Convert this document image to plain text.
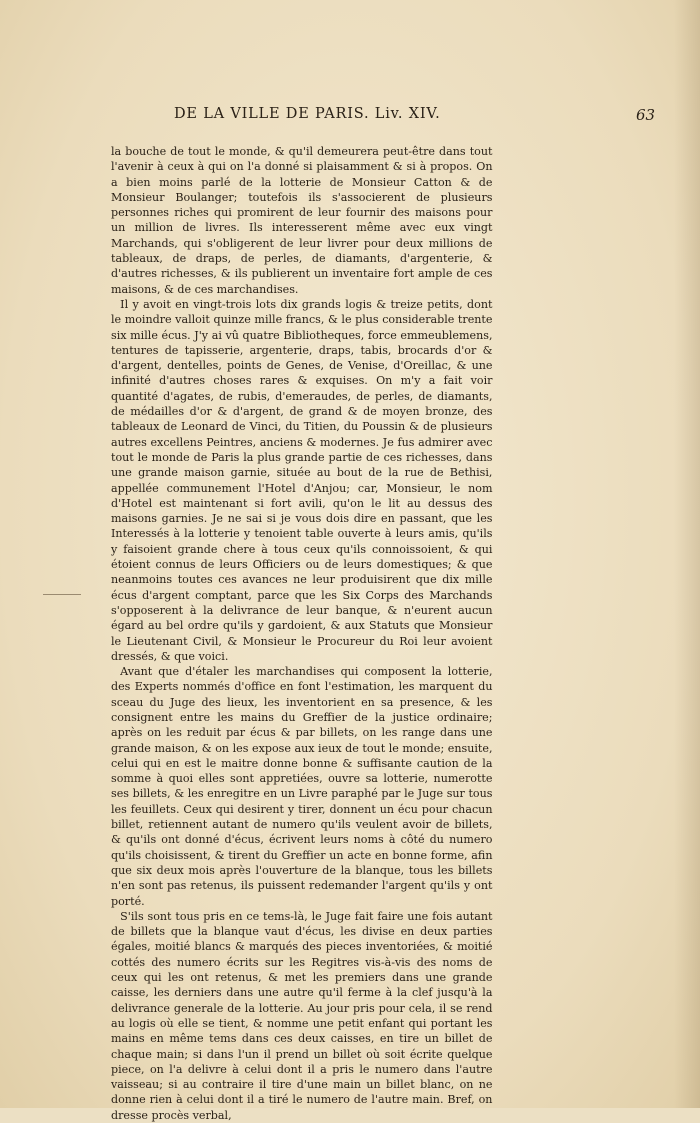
DE LA VILLE DE PARIS. Liv. XIV.	63

la bouche de tout le monde, & qu'il demeurera peut-être dans tout l'avenir à ceux à qui on l'a donné si plaisamment & si à propos. On a bien moins parlé de la lotterie de Monsieur Catton & de Monsieur Boulanger; toutefois ils s'associerent de plusieurs personnes riches qui promirent de leur fournir des maisons pour un million de livres. Ils interesserent même avec eux vingt Marchands, qui s'obligerent de leur livrer pour deux millions de tableaux, de draps, de perles, de diamants, d'argenterie, & d'autres richesses, & ils publierent un inventaire fort ample de ces maisons, & de ces marchandises.

Il y avoit en vingt-trois lots dix grands logis & treize petits, dont le moindre valloit quinze mille francs, & le plus considerable trente six mille écus. J'y ai vû quatre Bibliotheques, force emmeublemens, tentures de tapisserie, argenterie, draps, tabis, brocards d'or & d'argent, dentelles, points de Genes, de Venise, d'Oreillac, & une infinité d'autres choses rares & exquises. On m'y a fait voir quantité d'agates, de rubis, d'emeraudes, de perles, de diamants, de médailles d'or & d'argent, de grand & de moyen bronze, des tableaux de Leonard de Vinci, du Titien, du Poussin & de plusieurs autres excellens Peintres, anciens & modernes. Je fus admirer avec tout le monde de Paris la plus grande partie de ces richesses, dans une grande maison garnie, située au bout de la rue de Bethisi, appellée communement l'Hotel d'Anjou; car, Monsieur, le nom d'Hotel est maintenant si fort avili, qu'on le lit au dessus des maisons garnies. Je ne sai si je vous dois dire en passant, que les Interessés à la lotterie y tenoient table ouverte à leurs amis, qu'ils y faisoient grande chere à tous ceux qu'ils connoissoient, & qui étoient connus de leurs Officiers ou de leurs domestiques; & que neanmoins toutes ces avances ne leur produisirent que dix mille écus d'argent comptant, parce que les Six Corps des Marchands s'opposerent à la delivrance de leur banque, & n'eurent aucun égard au bel ordre qu'ils y gardoient, & aux Statuts que Monsieur le Lieutenant Civil, & Monsieur le Procureur du Roi leur avoient dressés, & que voici.

Avant que d'étaler les marchandises qui composent la lotterie, des Experts nommés d'office en font l'estimation, les marquent du sceau du Juge des lieux, les inventorient en sa presence, & les consignent entre les mains du Greffier de la justice ordinaire; après on les reduit par écus & par billets, on les range dans une grande maison, & on les expose aux ieux de tout le monde; ensuite, celui qui en est le maitre donne bonne & suffisante caution de la somme à quoi elles sont appretiées, ouvre sa lotterie, numerotte ses billets, & les enregitre en un Livre paraphé par le Juge sur tous les feuillets. Ceux qui desirent y tirer, donnent un écu pour chacun billet, retiennent autant de numero qu'ils veulent avoir de billets, & qu'ils ont donné d'écus, écrivent leurs noms à côté du numero qu'ils choisissent, & tirent du Greffier un acte en bonne forme, afin que six deux mois après l'ouverture de la blanque, tous les billets n'en sont pas retenus, ils puissent redemander l'argent qu'ils y ont porté.

S'ils sont tous pris en ce tems-là, le Juge fait faire une fois autant de billets que la blanque vaut d'écus, les divise en deux parties égales, moitié blancs & marqués des pieces inventoriées, & moitié cottés des numero écrits sur les Regitres vis-à-vis des noms de ceux qui les ont retenus, & met les premiers dans une grande caisse, les derniers dans une autre qu'il ferme à la clef jusqu'à la delivrance generale de la lotterie. Au jour pris pour cela, il se rend au logis où elle se tient, & nomme une petit enfant qui portant les mains en même tems dans ces deux caisses, en tire un billet de chaque main; si dans l'un il prend un billet où soit écrite quelque piece, on l'a delivre à celui dont il a pris le numero dans l'autre vaisseau; si au contraire il tire d'une main un billet blanc, on ne donne rien à celui dont il a tiré le numero de l'autre main. Bref, on dresse procès verbal,
